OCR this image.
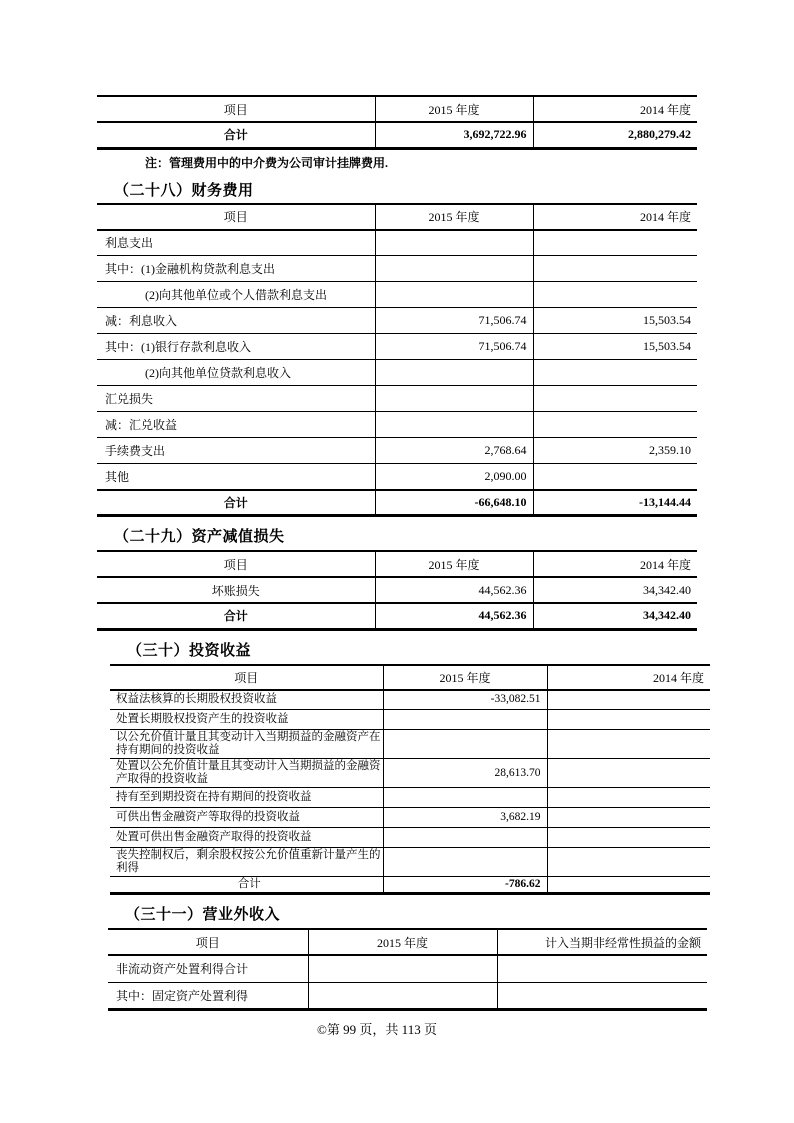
项目	2015 年度	2014 年度
合计	3,692,722.96	2,880,279.42
注：管理费用中的中介费为公司审计挂牌费用.
（二十八）财务费用
项目	2015 年度	2014 年度
利息支出		
其中：(1)金融机构贷款利息支出		
(2)向其他单位或个人借款利息支出		
减：利息收入	71,506.74	15,503.54
其中：(1)银行存款利息收入	71,506.74	15,503.54
(2)向其他单位贷款利息收入		
汇兑损失		
减：汇兑收益		
手续费支出	2,768.64	2,359.10
其他	2,090.00	
合计	-66,648.10	-13,144.44
（二十九）资产减值损失
项目	2015 年度	2014 年度
坏账损失	44,562.36	34,342.40
合计	44,562.36	34,342.40
（三十）投资收益
项目	2015 年度	2014 年度
权益法核算的长期股权投资收益	-33,082.51	
处置长期股权投资产生的投资收益		
以公允价值计量且其变动计入当期损益的金融资产在持有期间的投资收益		
处置以公允价值计量且其变动计入当期损益的金融资产取得的投资收益	28,613.70	
持有至到期投资在持有期间的投资收益		
可供出售金融资产等取得的投资收益	3,682.19	
处置可供出售金融资产取得的投资收益		
丧失控制权后，剩余股权按公允价值重新计量产生的利得		
合计	-786.62	
（三十一）营业外收入
项目	2015 年度	计入当期非经常性损益的金额
非流动资产处置利得合计		
其中：固定资产处置利得		
©第 99 页，共 113 页
